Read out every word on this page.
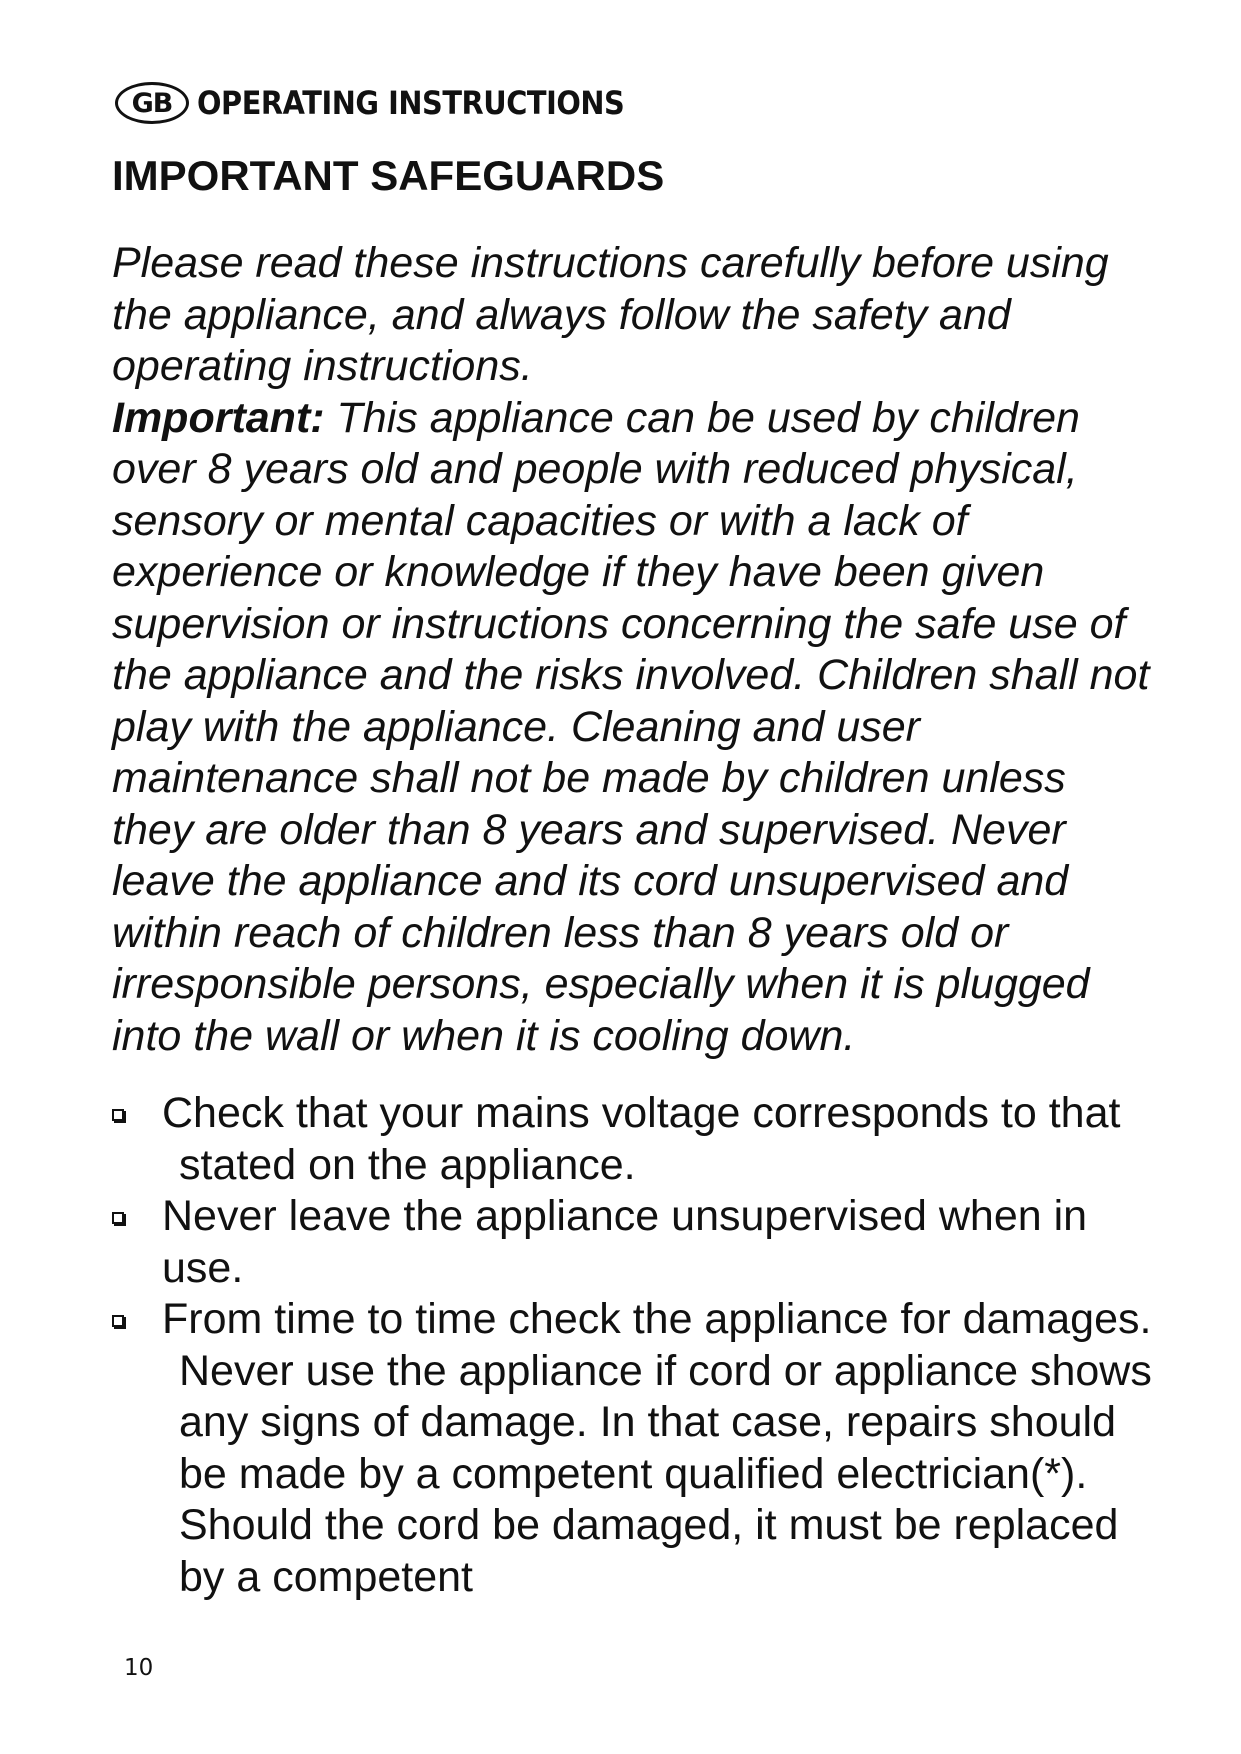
GB OPERATING INSTRUCTIONS
IMPORTANT SAFEGUARDS

Please read these instructions carefully before using the appliance, and always follow the safety and operating instructions.

Important: This appliance can be used by children over 8 years old and people with reduced physical, sensory or mental capacities or with a lack of experience or knowledge if they have been given supervision or instructions concerning the safe use of the appliance and the risks involved. Children shall not play with the appliance. Cleaning and user maintenance shall not be made by children unless they are older than 8 years and supervised. Never leave the appliance and its cord unsupervised and within reach of children less than 8 years old or irresponsible persons, especially when it is plugged into the wall or when it is cooling down.

Check that your mains voltage corresponds to that stated on the appliance.
Never leave the appliance unsupervised when in use.
From time to time check the appliance for damages. Never use the appliance if cord or appliance shows any signs of damage. In that case, repairs should be made by a competent qualified electrician(*). Should the cord be damaged, it must be replaced by a competent
10
